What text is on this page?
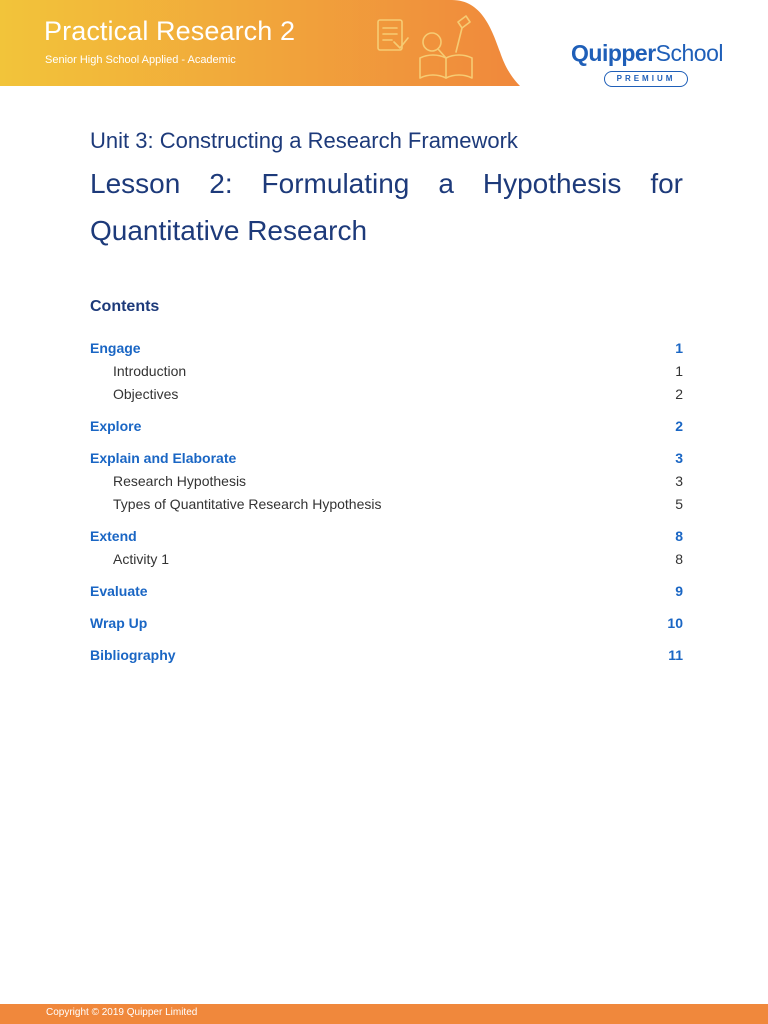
Practical Research 2

Senior High School Applied - Academic	QuipperSchool
PREMIUM
Unit 3: Constructing a Research Framework
Lesson 2: Formulating a Hypothesis for Quantitative Research
Contents
Engage	1
Introduction	1
Objectives	2
Explore	2
Explain and Elaborate	3
Research Hypothesis	3
Types of Quantitative Research Hypothesis	5
Extend	8
Activity 1	8
Evaluate	9
Wrap Up	10
Bibliography	11

Copyright © 2019 Quipper Limited
